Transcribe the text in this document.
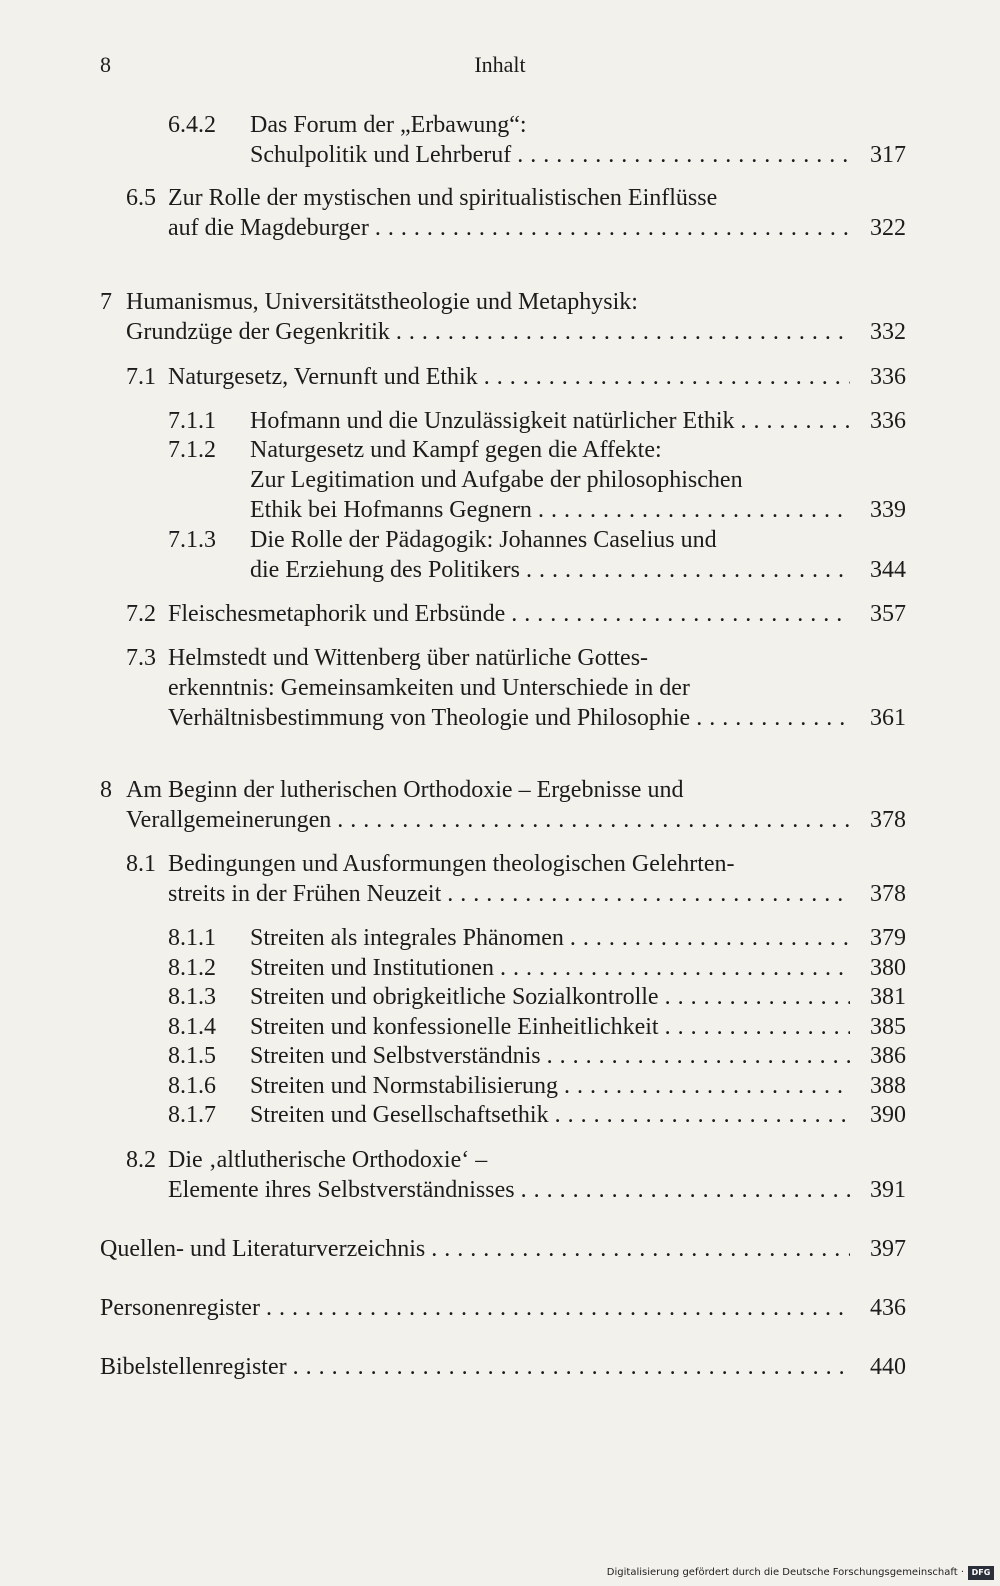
8	Inhalt
6.4.2 Das Forum der „Erbawung“:
Schulpolitik und Lehrberuf . . .	317
6.5 Zur Rolle der mystischen und spiritualistischen Einflüsse
auf die Magdeburger . . .	322
7 Humanismus, Universitätstheologie und Metaphysik:
Grundzüge der Gegenkritik . . .	332
7.1 Naturgesetz, Vernunft und Ethik . . .	336
7.1.1 Hofmann und die Unzulässigkeit natürlicher Ethik . . .	336
7.1.2 Naturgesetz und Kampf gegen die Affekte:
Zur Legitimation und Aufgabe der philosophischen
Ethik bei Hofmanns Gegnern . . .	339
7.1.3 Die Rolle der Pädagogik: Johannes Caselius und
die Erziehung des Politikers . . .	344
7.2 Fleischesmetaphorik und Erbsünde . . .	357
7.3 Helmstedt und Wittenberg über natürliche Gottes-
erkenntnis: Gemeinsamkeiten und Unterschiede in der
Verhältnisbestimmung von Theologie und Philosophie . . .	361
8 Am Beginn der lutherischen Orthodoxie – Ergebnisse und
Verallgemeinerungen . . .	378
8.1 Bedingungen und Ausformungen theologischen Gelehrten-
streits in der Frühen Neuzeit . . .	378
8.1.1 Streiten als integrales Phänomen . . .	379
8.1.2 Streiten und Institutionen . . .	380
8.1.3 Streiten und obrigkeitliche Sozialkontrolle . . .	381
8.1.4 Streiten und konfessionelle Einheitlichkeit . . .	385
8.1.5 Streiten und Selbstverständnis . . .	386
8.1.6 Streiten und Normstabilisierung . . .	388
8.1.7 Streiten und Gesellschaftsethik . . .	390
8.2 Die ‚altlutherische Orthodoxie‘ –
Elemente ihres Selbstverständnisses . . .	391
Quellen- und Literaturverzeichnis . . .	397
Personenregister . . .	436
Bibelstellenregister . . .	440
Digitalisierung gefördert durch die Deutsche Forschungsgemeinschaft · DFG
